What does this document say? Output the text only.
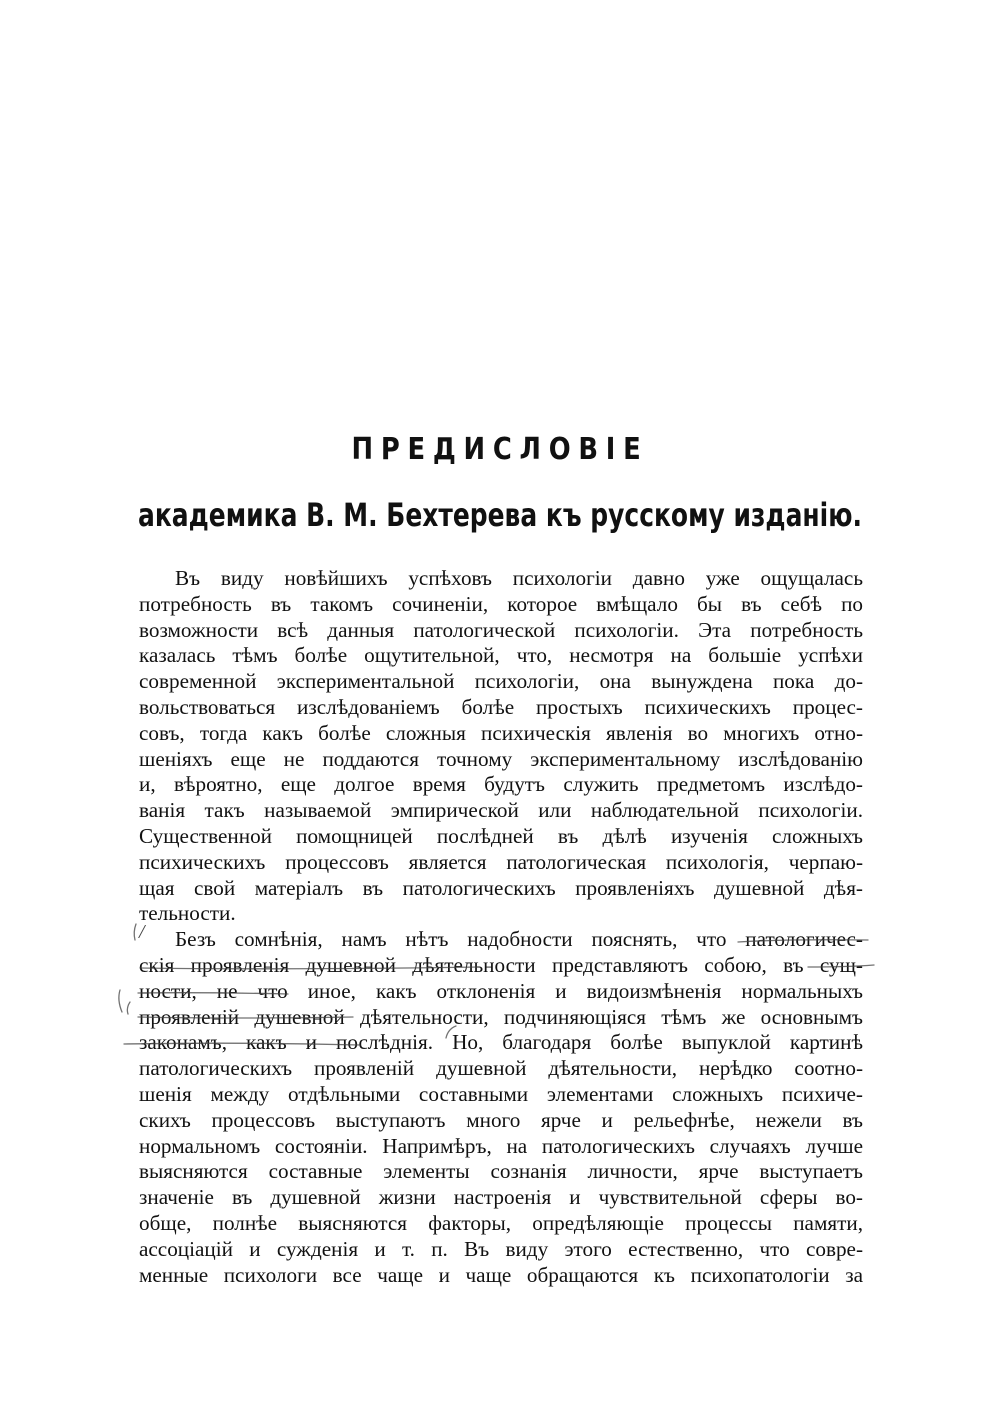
ПРЕДИСЛОВІЕ
академика В. М. Бехтерева къ русскому изданію.
Въ виду новѣйшихъ успѣховъ психологіи давно уже ощущалась
потребность въ такомъ сочиненіи, которое вмѣщало бы въ себѣ по
возможности всѣ данныя патологической психологіи. Эта потребность
казалась тѣмъ болѣе ощутительной, что, несмотря на большіе успѣхи
современной экспериментальной психологіи, она вынуждена пока до-
вольствоваться изслѣдованіемъ болѣе простыхъ психическихъ процес-
совъ, тогда какъ болѣе сложныя психическія явленія во многихъ отно-
шеніяхъ еще не поддаются точному экспериментальному изслѣдованію
и, вѣроятно, еще долгое время будутъ служить предметомъ изслѣдо-
ванія такъ называемой эмпирической или наблюдательной психологіи.
Существенной помощницей послѣдней въ дѣлѣ изученія сложныхъ
психическихъ процессовъ является патологическая психологія, черпаю-
щая свой матеріалъ въ патологическихъ проявленіяхъ душевной дѣя-
тельности.
Безъ сомнѣнія, намъ нѣтъ надобности пояснять, что патологичес-
скія проявленія душевной дѣятельности представляютъ собою, въ сущ-
ности, не что иное, какъ отклоненія и видоизмѣненія нормальныхъ
проявленій душевной дѣятельности, подчиняющіяся тѣмъ же основнымъ
законамъ, какъ и послѣднія. Но, благодаря болѣе выпуклой картинѣ
патологическихъ проявленій душевной дѣятельности, нерѣдко соотно-
шенія между отдѣльными составными элементами сложныхъ психиче-
скихъ процессовъ выступаютъ много ярче и рельефнѣе, нежели въ
нормальномъ состояніи. Напримѣръ, на патологическихъ случаяхъ лучше
выясняются составные элементы сознанія личности, ярче выступаетъ
значеніе въ душевной жизни настроенія и чувствительной сферы во-
обще, полнѣе выясняются факторы, опредѣляющіе процессы памяти,
ассоціацій и сужденія и т. п. Въ виду этого естественно, что совре-
менные психологи все чаще и чаще обращаются къ психопатологіи за
/
